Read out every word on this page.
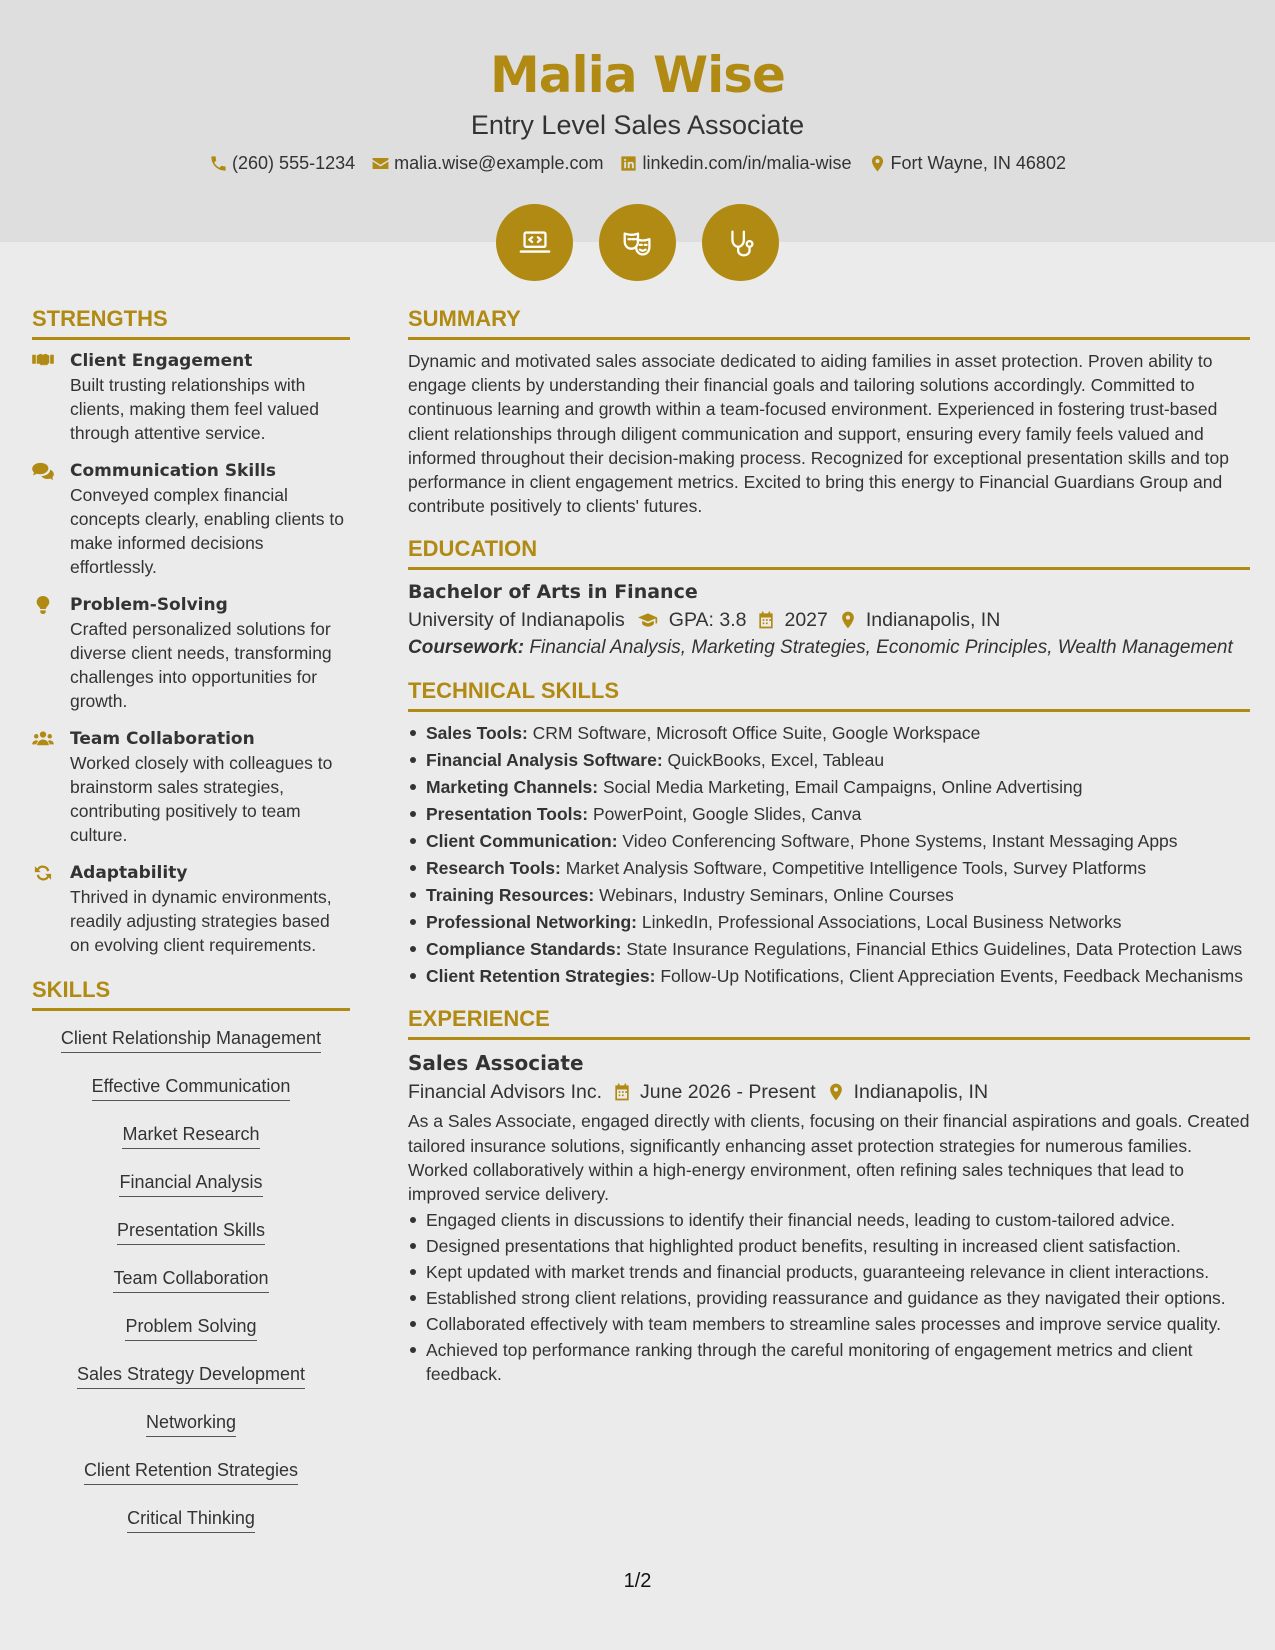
Malia Wise
Entry Level Sales Associate
(260) 555-1234 malia.wise@example.com linkedin.com/in/malia-wise Fort Wayne, IN 46802
STRENGTHS
Client Engagement
Built trusting relationships with clients, making them feel valued through attentive service.
Communication Skills
Conveyed complex financial concepts clearly, enabling clients to make informed decisions effortlessly.
Problem-Solving
Crafted personalized solutions for diverse client needs, transforming challenges into opportunities for growth.
Team Collaboration
Worked closely with colleagues to brainstorm sales strategies, contributing positively to team culture.
Adaptability
Thrived in dynamic environments, readily adjusting strategies based on evolving client requirements.
SKILLS
Client Relationship Management
Effective Communication
Market Research
Financial Analysis
Presentation Skills
Team Collaboration
Problem Solving
Sales Strategy Development
Networking
Client Retention Strategies
Critical Thinking
SUMMARY
Dynamic and motivated sales associate dedicated to aiding families in asset protection. Proven ability to engage clients by understanding their financial goals and tailoring solutions accordingly. Committed to continuous learning and growth within a team-focused environment. Experienced in fostering trust-based client relationships through diligent communication and support, ensuring every family feels valued and informed throughout their decision-making process. Recognized for exceptional presentation skills and top performance in client engagement metrics. Excited to bring this energy to Financial Guardians Group and contribute positively to clients' futures.
EDUCATION
Bachelor of Arts in Finance
University of Indianapolis GPA: 3.8 2027 Indianapolis, IN
Coursework: Financial Analysis, Marketing Strategies, Economic Principles, Wealth Management
TECHNICAL SKILLS
Sales Tools: CRM Software, Microsoft Office Suite, Google Workspace
Financial Analysis Software: QuickBooks, Excel, Tableau
Marketing Channels: Social Media Marketing, Email Campaigns, Online Advertising
Presentation Tools: PowerPoint, Google Slides, Canva
Client Communication: Video Conferencing Software, Phone Systems, Instant Messaging Apps
Research Tools: Market Analysis Software, Competitive Intelligence Tools, Survey Platforms
Training Resources: Webinars, Industry Seminars, Online Courses
Professional Networking: LinkedIn, Professional Associations, Local Business Networks
Compliance Standards: State Insurance Regulations, Financial Ethics Guidelines, Data Protection Laws
Client Retention Strategies: Follow-Up Notifications, Client Appreciation Events, Feedback Mechanisms
EXPERIENCE
Sales Associate
Financial Advisors Inc. June 2026 - Present Indianapolis, IN
As a Sales Associate, engaged directly with clients, focusing on their financial aspirations and goals. Created tailored insurance solutions, significantly enhancing asset protection strategies for numerous families. Worked collaboratively within a high-energy environment, often refining sales techniques that lead to improved service delivery.
Engaged clients in discussions to identify their financial needs, leading to custom-tailored advice.
Designed presentations that highlighted product benefits, resulting in increased client satisfaction.
Kept updated with market trends and financial products, guaranteeing relevance in client interactions.
Established strong client relations, providing reassurance and guidance as they navigated their options.
Collaborated effectively with team members to streamline sales processes and improve service quality.
Achieved top performance ranking through the careful monitoring of engagement metrics and client feedback.
1/2
